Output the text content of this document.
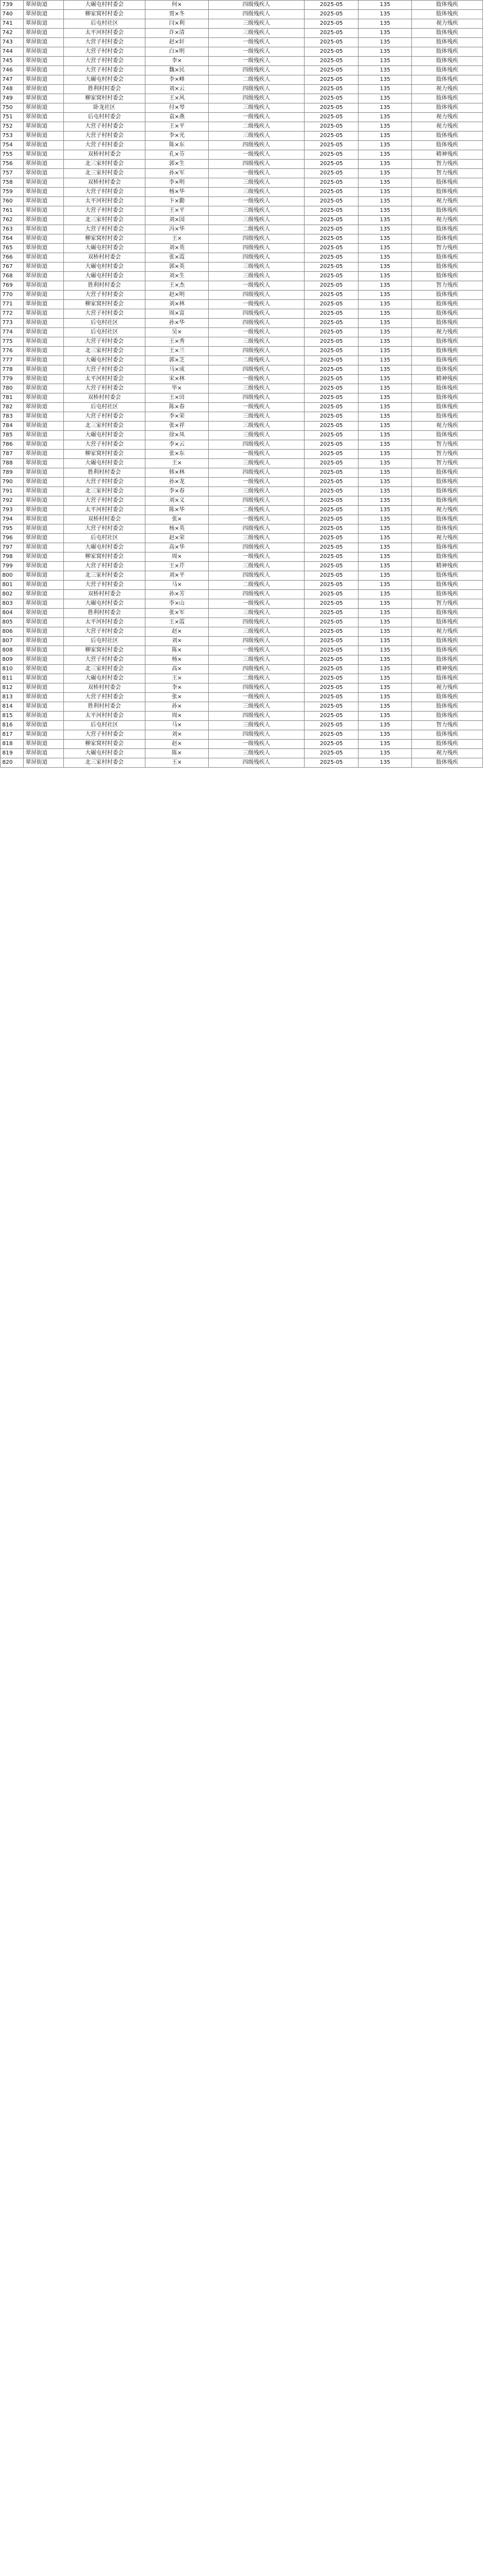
739	翠屏街道	大碾屯村村委会	何×	四级残疾人	2025-05	135	肢体残疾
740	翠屏街道	柳家窝村村委会	贾×冬	四级残疾人	2025-05	135	肢体残疾
741	翠屏街道	后屯村社区	闫×利	三级残疾人	2025-05	135	视力残疾
742	翠屏街道	太平河村村委会	许×清	三级残疾人	2025-05	135	肢体残疾
743	翠屏街道	大营子村村委会	赵×轩	一级残疾人	2025-05	135	肢体残疾
744	翠屏街道	大营子村村委会	白×明	一级残疾人	2025-05	135	肢体残疾
745	翠屏街道	大营子村村委会	李×	一级残疾人	2025-05	135	肢体残疾
746	翠屏街道	大营子村村委会	魏×民	四级残疾人	2025-05	135	肢体残疾
747	翠屏街道	大碾屯村村委会	李×峰	二级残疾人	2025-05	135	肢体残疾
748	翠屏街道	胜利村村委会	刘×云	四级残疾人	2025-05	135	视力残疾
749	翠屏街道	柳家窝村村委会	王×风	四级残疾人	2025-05	135	肢体残疾
750	翠屏街道	卧龙社区	付×琴	三级残疾人	2025-05	135	肢体残疾
751	翠屏街道	后屯村村委会	袁×燕	一级残疾人	2025-05	135	视力残疾
752	翠屏街道	大营子村村委会	王×平	二级残疾人	2025-05	135	视力残疾
753	翠屏街道	大营子村村委会	李×光	三级残疾人	2025-05	135	肢体残疾
754	翠屏街道	大营子村村委会	陈×东	四级残疾人	2025-05	135	肢体残疾
755	翠屏街道	双桥村村委会	孔×芬	一级残疾人	2025-05	135	精神残疾
756	翠屏街道	北三家村村委会	郭×生	四级残疾人	2025-05	135	智力残疾
757	翠屏街道	北三家村村委会	孙×军	一级残疾人	2025-05	135	智力残疾
758	翠屏街道	双桥村村委会	李×明	三级残疾人	2025-05	135	肢体残疾
759	翠屏街道	大营子村村委会	杨×华	三级残疾人	2025-05	135	肢体残疾
760	翠屏街道	太平河村村委会	卞×勤	一级残疾人	2025-05	135	视力残疾
761	翠屏街道	大营子村村委会	王×平	三级残疾人	2025-05	135	肢体残疾
762	翠屏街道	北三家村村委会	刘×国	三级残疾人	2025-05	135	视力残疾
763	翠屏街道	大营子村村委会	冯×华	二级残疾人	2025-05	135	肢体残疾
764	翠屏街道	柳家窝村村委会	王×	四级残疾人	2025-05	135	肢体残疾
765	翠屏街道	大碾屯村村委会	刘×英	四级残疾人	2025-05	135	智力残疾
766	翠屏街道	双桥村村委会	张×霞	四级残疾人	2025-05	135	肢体残疾
767	翠屏街道	大碾屯村村委会	郭×英	三级残疾人	2025-05	135	肢体残疾
768	翠屏街道	大碾屯村村委会	刘×生	三级残疾人	2025-05	135	肢体残疾
769	翠屏街道	胜利村村委会	王×杰	一级残疾人	2025-05	135	智力残疾
770	翠屏街道	大营子村村委会	赵×明	四级残疾人	2025-05	135	肢体残疾
771	翠屏街道	柳家窝村村委会	刘×林	一级残疾人	2025-05	135	肢体残疾
772	翠屏街道	大营子村村委会	周×富	四级残疾人	2025-05	135	肢体残疾
773	翠屏街道	后屯村社区	孙×华	四级残疾人	2025-05	135	肢体残疾
774	翠屏街道	后屯村社区	吴×	一级残疾人	2025-05	135	视力残疾
775	翠屏街道	大营子村村委会	王×秀	三级残疾人	2025-05	135	肢体残疾
776	翠屏街道	北三家村村委会	王×兰	四级残疾人	2025-05	135	肢体残疾
777	翠屏街道	大碾屯村村委会	郭×芝	二级残疾人	2025-05	135	肢体残疾
778	翠屏街道	大营子村村委会	马×成	四级残疾人	2025-05	135	肢体残疾
779	翠屏街道	太平河村村委会	宋×林	一级残疾人	2025-05	135	精神残疾
780	翠屏街道	大营子村村委会	毕×	三级残疾人	2025-05	135	肢体残疾
781	翠屏街道	双桥村村委会	王×田	四级残疾人	2025-05	135	肢体残疾
782	翠屏街道	后屯村社区	陈×春	一级残疾人	2025-05	135	肢体残疾
783	翠屏街道	大营子村村委会	李×荣	三级残疾人	2025-05	135	肢体残疾
784	翠屏街道	北三家村村委会	张×祥	三级残疾人	2025-05	135	视力残疾
785	翠屏街道	大碾屯村村委会	徐×凤	三级残疾人	2025-05	135	肢体残疾
786	翠屏街道	大营子村村委会	李×云	四级残疾人	2025-05	135	智力残疾
787	翠屏街道	柳家窝村村委会	张×东	一级残疾人	2025-05	135	智力残疾
788	翠屏街道	大碾屯村村委会	王×	三级残疾人	2025-05	135	智力残疾
789	翠屏街道	胜利村村委会	韩×林	四级残疾人	2025-05	135	肢体残疾
790	翠屏街道	大营子村村委会	孙×龙	一级残疾人	2025-05	135	肢体残疾
791	翠屏街道	北三家村村委会	李×春	三级残疾人	2025-05	135	肢体残疾
792	翠屏街道	大营子村村委会	刘×义	四级残疾人	2025-05	135	肢体残疾
793	翠屏街道	太平河村村委会	陈×华	二级残疾人	2025-05	135	视力残疾
794	翠屏街道	双桥村村委会	张×	一级残疾人	2025-05	135	肢体残疾
795	翠屏街道	大营子村村委会	杨×英	四级残疾人	2025-05	135	肢体残疾
796	翠屏街道	后屯村社区	赵×荣	三级残疾人	2025-05	135	视力残疾
797	翠屏街道	大碾屯村村委会	高×华	四级残疾人	2025-05	135	肢体残疾
798	翠屏街道	柳家窝村村委会	周×	一级残疾人	2025-05	135	肢体残疾
799	翠屏街道	大营子村村委会	王×芹	三级残疾人	2025-05	135	精神残疾
800	翠屏街道	北三家村村委会	刘×平	四级残疾人	2025-05	135	肢体残疾
801	翠屏街道	大营子村村委会	马×	二级残疾人	2025-05	135	肢体残疾
802	翠屏街道	双桥村村委会	孙×芳	四级残疾人	2025-05	135	肢体残疾
803	翠屏街道	大碾屯村村委会	李×山	一级残疾人	2025-05	135	智力残疾
804	翠屏街道	胜利村村委会	张×军	三级残疾人	2025-05	135	肢体残疾
805	翠屏街道	太平河村村委会	王×霞	四级残疾人	2025-05	135	肢体残疾
806	翠屏街道	大营子村村委会	赵×	三级残疾人	2025-05	135	视力残疾
807	翠屏街道	后屯村社区	刘×	四级残疾人	2025-05	135	肢体残疾
808	翠屏街道	柳家窝村村委会	陈×	一级残疾人	2025-05	135	肢体残疾
809	翠屏街道	大营子村村委会	杨×	三级残疾人	2025-05	135	肢体残疾
810	翠屏街道	北三家村村委会	高×	四级残疾人	2025-05	135	精神残疾
811	翠屏街道	大碾屯村村委会	王×	二级残疾人	2025-05	135	肢体残疾
812	翠屏街道	双桥村村委会	李×	四级残疾人	2025-05	135	视力残疾
813	翠屏街道	大营子村村委会	张×	一级残疾人	2025-05	135	肢体残疾
814	翠屏街道	胜利村村委会	孙×	三级残疾人	2025-05	135	肢体残疾
815	翠屏街道	太平河村村委会	周×	四级残疾人	2025-05	135	肢体残疾
816	翠屏街道	后屯村社区	马×	三级残疾人	2025-05	135	智力残疾
817	翠屏街道	大营子村村委会	刘×	四级残疾人	2025-05	135	肢体残疾
818	翠屏街道	柳家窝村村委会	赵×	一级残疾人	2025-05	135	肢体残疾
819	翠屏街道	大碾屯村村委会	陈×	三级残疾人	2025-05	135	视力残疾
820	翠屏街道	北三家村村委会	王×	四级残疾人	2025-05	135	肢体残疾
